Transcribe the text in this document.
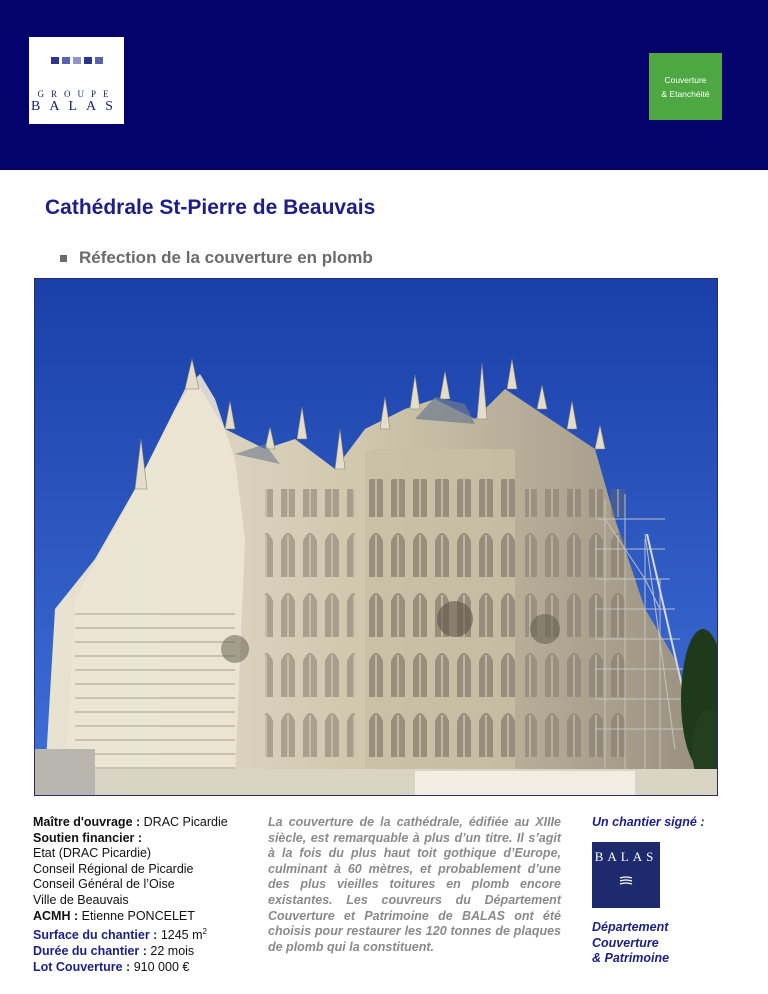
GROUPE
BALAS
Couverture
& Etanchéité
Cathédrale St-Pierre de Beauvais
Réfection de la couverture en plomb
Maître d'ouvrage : DRAC Picardie
Soutien financier :
Etat (DRAC Picardie)
Conseil Régional de Picardie
Conseil Général de l’Oise
Ville de Beauvais
ACMH : Etienne PONCELET
Surface du chantier : 1245 $m^2$
Durée du chantier : 22 mois
Lot Couverture : 910 000 €
La couverture de la cathédrale, édifiée au XIIIe siècle, est remarquable à plus d’un titre. Il s’agit à la fois du plus haut toit gothique d’Europe, culminant à 60 mètres, et probablement d’une des plus vieilles toitures en plomb encore existantes. Les couvreurs du Département Couverture et Patrimoine de BALAS ont été choisis pour restaurer les 120 tonnes de plaques de plomb qui la constituent.
Un chantier signé :
BALAS
Département
Couverture
& Patrimoine
